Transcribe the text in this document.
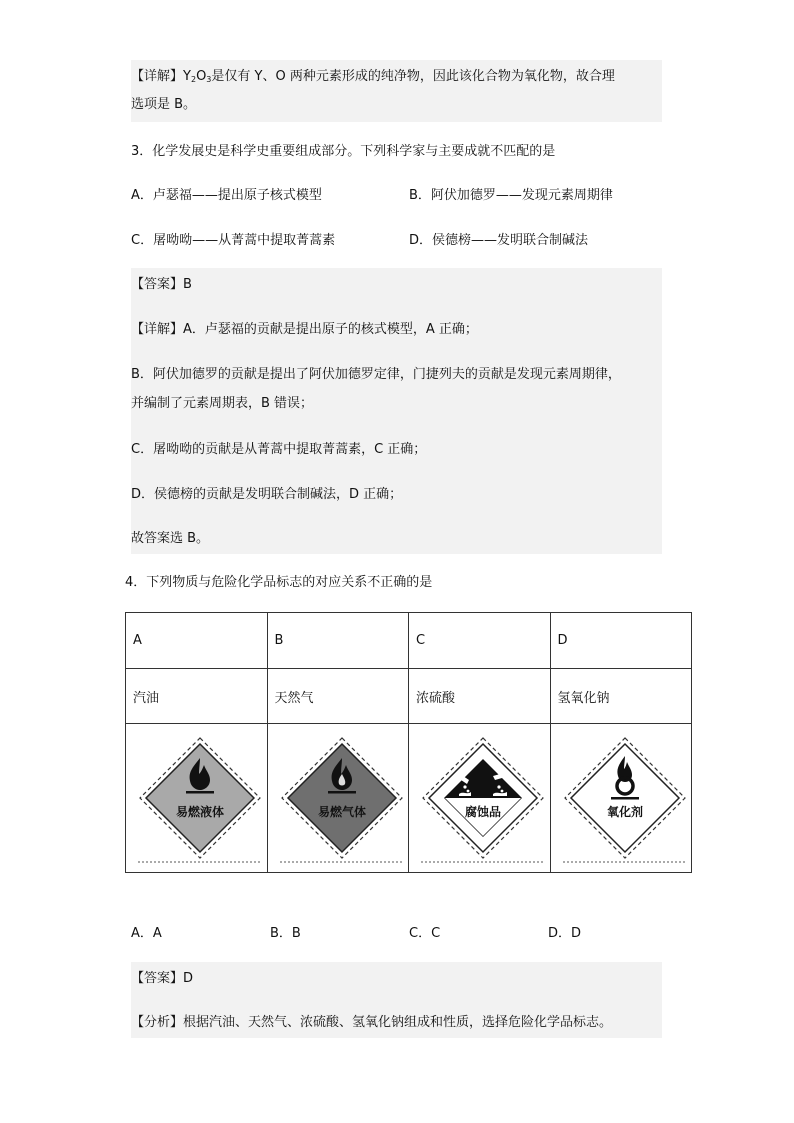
【详解】$Y_2O_3$是仅有 Y、O 两种元素形成的纯净物，因此该化合物为氧化物，故合理
选项是 B。
3．化学发展史是科学史重要组成部分。下列科学家与主要成就不匹配的是
A．卢瑟福——提出原子核式模型	B．阿伏加德罗——发现元素周期律
C．屠呦呦——从菁蒿中提取菁蒿素	D．侯德榜——发明联合制碱法
【答案】B
【详解】A．卢瑟福的贡献是提出原子的核式模型，A 正确；
B．阿伏加德罗的贡献是提出了阿伏加德罗定律，门捷列夫的贡献是发现元素周期律，
并编制了元素周期表，B 错误；
C．屠呦呦的贡献是从菁蒿中提取菁蒿素，C 正确；
D．侯德榜的贡献是发明联合制碱法，D 正确；
故答案选 B。
4．下列物质与危险化学品标志的对应关系不正确的是
A	B	C	D
汽油	天然气	浓硫酸	氢氧化钠

易燃液体	易燃气体	腐蚀品	氧化剂
A．A	B．B	C．C	D．D
【答案】D
【分析】根据汽油、天然气、浓硫酸、氢氧化钠组成和性质，选择危险化学品标志。
